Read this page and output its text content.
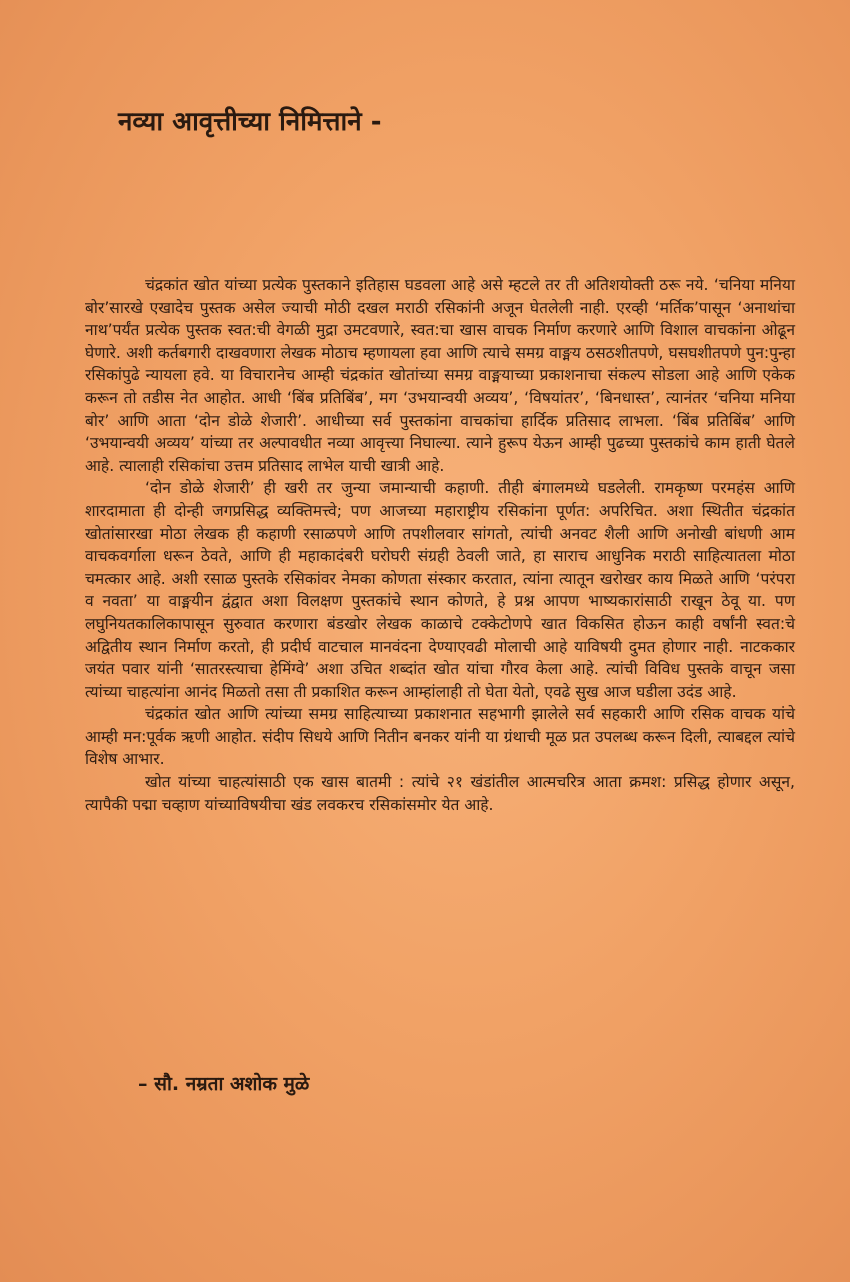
नव्या आवृत्तीच्या निमित्ताने -

चंद्रकांत खोत यांच्या प्रत्येक पुस्तकाने इतिहास घडवला आहे असे म्हटले तर ती अतिशयोक्ती ठरू नये. ‘चनिया मनिया बोर’सारखे एखादेच पुस्तक असेल ज्याची मोठी दखल मराठी रसिकांनी अजून घेतलेली नाही. एरव्ही ‘मर्तिक’पासून ‘अनाथांचा नाथ’पर्यंत प्रत्येक पुस्तक स्वत:ची वेगळी मुद्रा उमटवणारे, स्वत:चा खास वाचक निर्माण करणारे आणि विशाल वाचकांना ओढून घेणारे. अशी कर्तबगारी दाखवणारा लेखक मोठाच म्हणायला हवा आणि त्याचे समग्र वाङ्मय ठसठशीतपणे, घसघशीतपणे पुन:पुन्हा रसिकांपुढे न्यायला हवे. या विचारानेच आम्ही चंद्रकांत खोतांच्या समग्र वाङ्मयाच्या प्रकाशनाचा संकल्प सोडला आहे आणि एकेक करून तो तडीस नेत आहोत. आधी ‘बिंब प्रतिबिंब’, मग ‘उभयान्वयी अव्यय’, ‘विषयांतर’, ‘बिनधास्त’, त्यानंतर ‘चनिया मनिया बोर’ आणि आता ‘दोन डोळे शेजारी’. आधीच्या सर्व पुस्तकांना वाचकांचा हार्दिक प्रतिसाद लाभला. ‘बिंब प्रतिबिंब’ आणि ‘उभयान्वयी अव्यय’ यांच्या तर अल्पावधीत नव्या आवृत्त्या निघाल्या. त्याने हुरूप येऊन आम्ही पुढच्या पुस्तकांचे काम हाती घेतले आहे. त्यालाही रसिकांचा उत्तम प्रतिसाद लाभेल याची खात्री आहे.

‘दोन डोळे शेजारी’ ही खरी तर जुन्या जमान्याची कहाणी. तीही बंगालमध्ये घडलेली. रामकृष्ण परमहंस आणि शारदामाता ही दोन्ही जगप्रसिद्ध व्यक्तिमत्त्वे; पण आजच्या महाराष्ट्रीय रसिकांना पूर्णत: अपरिचित. अशा स्थितीत चंद्रकांत खोतांसारखा मोठा लेखक ही कहाणी रसाळपणे आणि तपशीलवार सांगतो, त्यांची अनवट शैली आणि अनोखी बांधणी आम वाचकवर्गाला धरून ठेवते, आणि ही महाकादंबरी घरोघरी संग्रही ठेवली जाते, हा साराच आधुनिक मराठी साहित्यातला मोठा चमत्कार आहे. अशी रसाळ पुस्तके रसिकांवर नेमका कोणता संस्कार करतात, त्यांना त्यातून खरोखर काय मिळते आणि ‘परंपरा व नवता’ या वाङ्मयीन द्वंद्वात अशा विलक्षण पुस्तकांचे स्थान कोणते, हे प्रश्न आपण भाष्यकारांसाठी राखून ठेवू या. पण लघुनियतकालिकापासून सुरुवात करणारा बंडखोर लेखक काळाचे टक्केटोणपे खात विकसित होऊन काही वर्षांनी स्वत:चे अद्वितीय स्थान निर्माण करतो, ही प्रदीर्घ वाटचाल मानवंदना देण्याएवढी मोलाची आहे याविषयी दुमत होणार नाही. नाटककार जयंत पवार यांनी ‘सातरस्त्याचा हेमिंग्वे’ अशा उचित शब्दांत खोत यांचा गौरव केला आहे. त्यांची विविध पुस्तके वाचून जसा त्यांच्या चाहत्यांना आनंद मिळतो तसा ती प्रकाशित करून आम्हांलाही तो घेता येतो, एवढे सुख आज घडीला उदंड आहे.

चंद्रकांत खोत आणि त्यांच्या समग्र साहित्याच्या प्रकाशनात सहभागी झालेले सर्व सहकारी आणि रसिक वाचक यांचे आम्ही मन:पूर्वक ऋणी आहोत. संदीप सिधये आणि नितीन बनकर यांनी या ग्रंथाची मूळ प्रत उपलब्ध करून दिली, त्याबद्दल त्यांचे विशेष आभार.

खोत यांच्या चाहत्यांसाठी एक खास बातमी : त्यांचे २१ खंडांतील आत्मचरित्र आता क्रमश: प्रसिद्ध होणार असून, त्यापैकी पद्मा चव्हाण यांच्याविषयीचा खंड लवकरच रसिकांसमोर येत आहे.

– सौ. नम्रता अशोक मुळे
